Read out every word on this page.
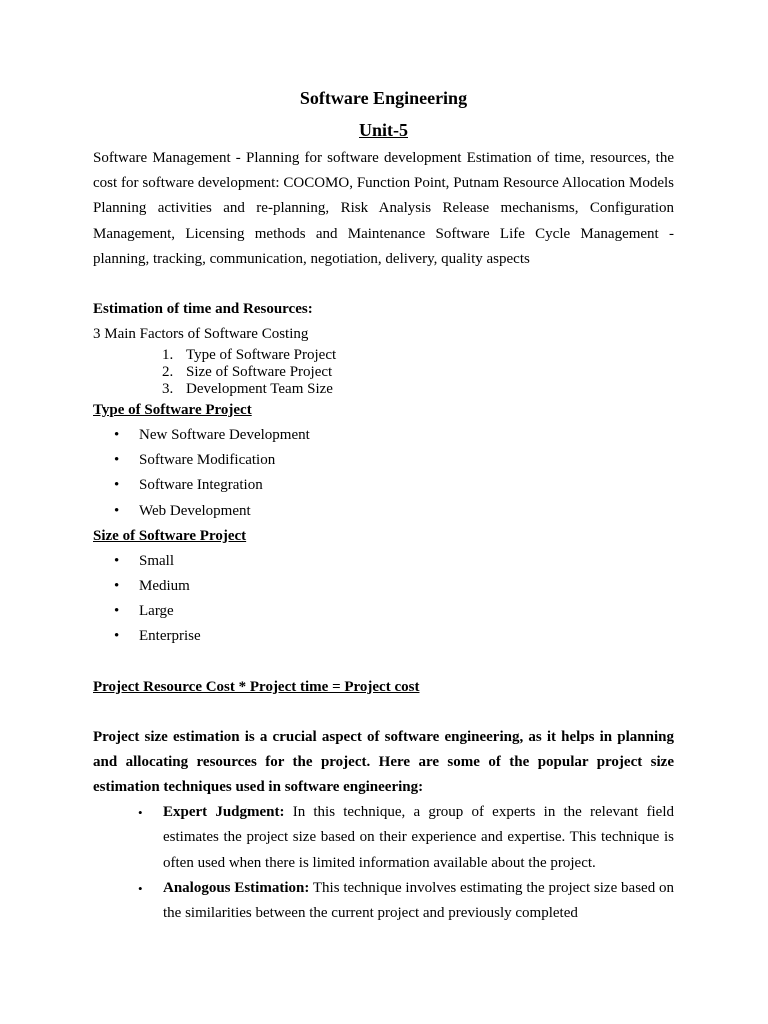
Software Engineering

Unit-5

Software Management - Planning for software development Estimation of time, resources, the cost for software development: COCOMO, Function Point, Putnam Resource Allocation Models Planning activities and re-planning, Risk Analysis Release mechanisms, Configuration Management, Licensing methods and Maintenance Software Life Cycle Management - planning, tracking, communication, negotiation, delivery, quality aspects

Estimation of time and Resources:

3 Main Factors of Software Costing

1. Type of Software Project
2. Size of Software Project
3. Development Team Size

Type of Software Project

• New Software Development
• Software Modification
• Software Integration
• Web Development

Size of Software Project

• Small
• Medium
• Large
• Enterprise

Project Resource Cost * Project time = Project cost

Project size estimation is a crucial aspect of software engineering, as it helps in planning and allocating resources for the project. Here are some of the popular project size estimation techniques used in software engineering:

• Expert Judgment: In this technique, a group of experts in the relevant field estimates the project size based on their experience and expertise. This technique is often used when there is limited information available about the project.
• Analogous Estimation: This technique involves estimating the project size based on the similarities between the current project and previously completed
